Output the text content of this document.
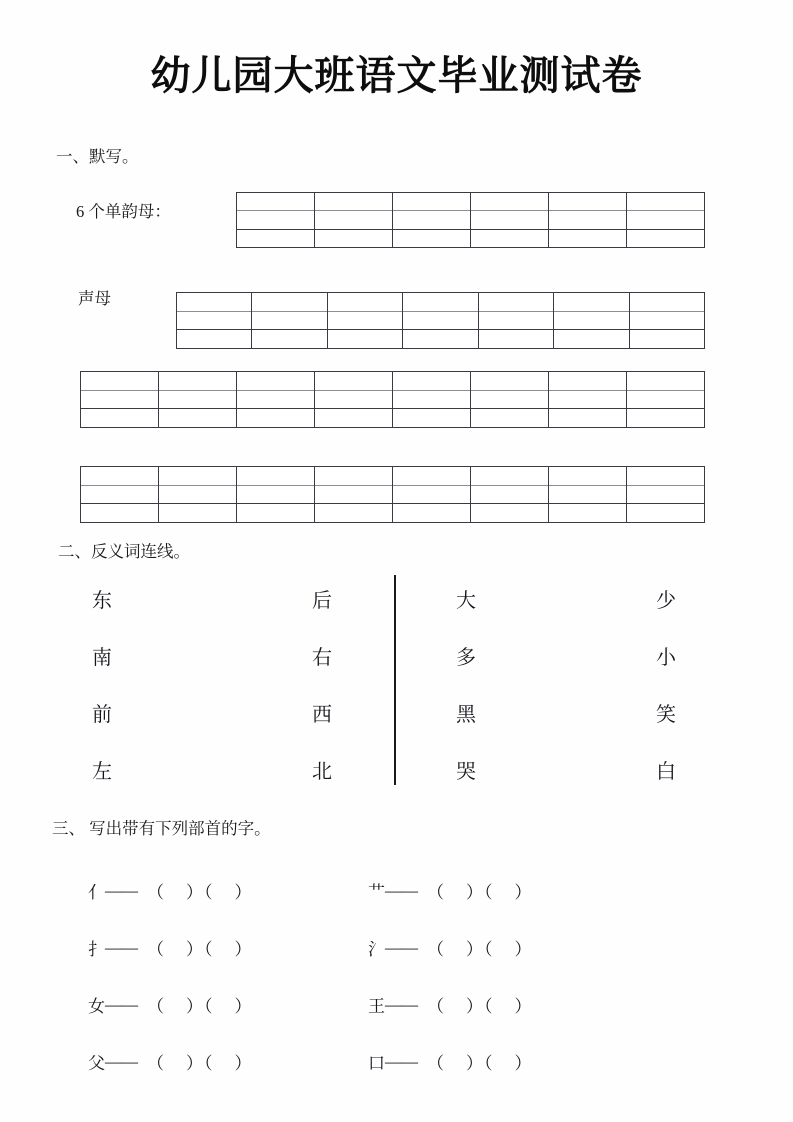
幼儿园大班语文毕业测试卷
一、默写。
6 个单韵母：
声母
二、反义词连线。
东	后
南	右
前	西
左	北
大	少
多	小
黑	笑
哭	白
三、 写出带有下列部首的字。
亻 —— （    ）（    ）	艹 —— （    ）（    ）
扌 —— （    ）（    ）	氵 —— （    ）（    ）
女 —— （    ）（    ）	王 —— （    ）（    ）
父 —— （    ）（    ）	口 —— （    ）（    ）
